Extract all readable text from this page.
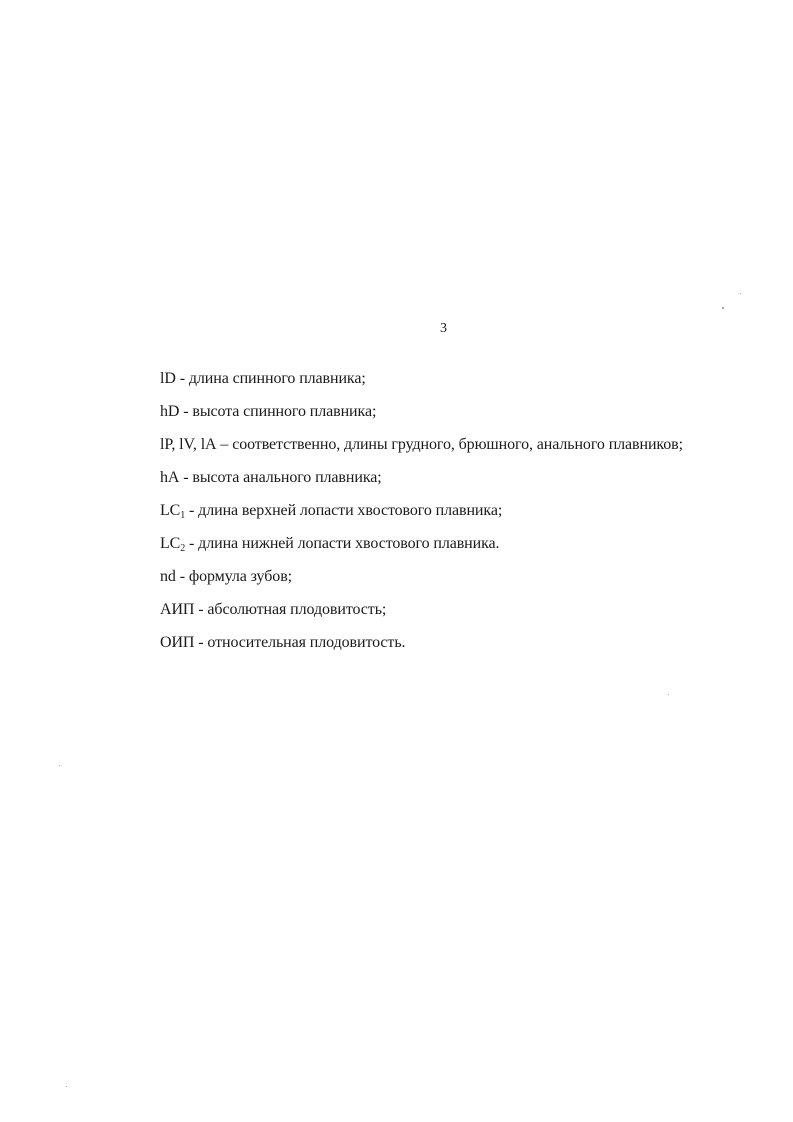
3
lD - длина спинного плавника;
hD - высота спинного плавника;
lP, lV, lA – соответственно, длины грудного, брюшного, анального плавников;
hA - высота анального плавника;
$LC_1$ - длина верхней лопасти хвостового плавника;
$LC_2$ - длина нижней лопасти хвостового плавника.
nd - формула зубов;
АИП - абсолютная плодовитость;
ОИП - относительная плодовитость.
